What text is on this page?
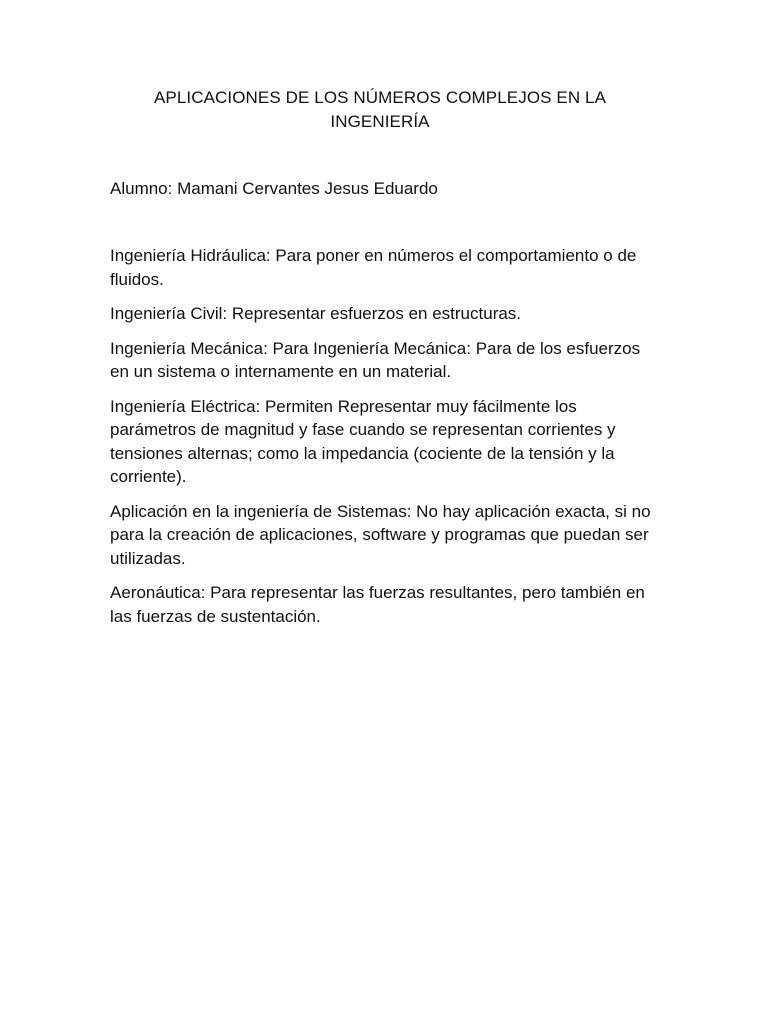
APLICACIONES DE LOS NÚMEROS COMPLEJOS EN LA INGENIERÍA

Alumno: Mamani Cervantes Jesus Eduardo

Ingeniería Hidráulica: Para poner en números el comportamiento o de fluidos.

Ingeniería Civil: Representar esfuerzos en estructuras.

Ingeniería Mecánica: Para Ingeniería Mecánica: Para de los esfuerzos en un sistema o internamente en un material.

Ingeniería Eléctrica: Permiten Representar muy fácilmente los parámetros de magnitud y fase cuando se representan corrientes y tensiones alternas; como la impedancia (cociente de la tensión y la corriente).

Aplicación en la ingeniería de Sistemas: No hay aplicación exacta, si no para la creación de aplicaciones, software y programas que puedan ser utilizadas.

Aeronáutica: Para representar las fuerzas resultantes, pero también en las fuerzas de sustentación.
